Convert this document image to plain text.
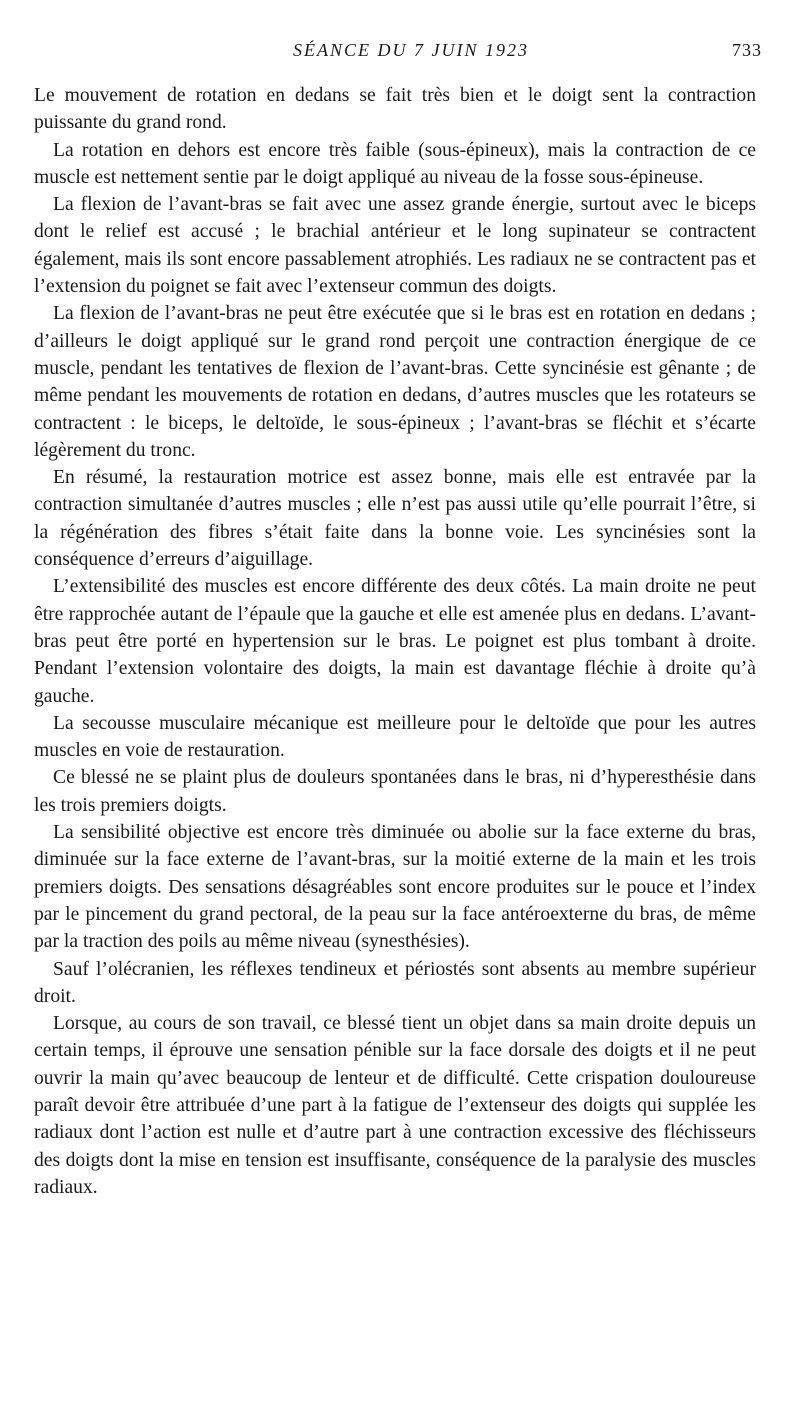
SÉANCE DU 7 JUIN 1923	733

Le mouvement de rotation en dedans se fait très bien et le doigt sent la contraction puissante du grand rond.

La rotation en dehors est encore très faible (sous-épineux), mais la contraction de ce muscle est nettement sentie par le doigt appliqué au niveau de la fosse sous-épineuse.

La flexion de l’avant-bras se fait avec une assez grande énergie, surtout avec le biceps dont le relief est accusé ; le brachial antérieur et le long supinateur se contractent également, mais ils sont encore passablement atrophiés. Les radiaux ne se contractent pas et l’extension du poignet se fait avec l’extenseur commun des doigts.

La flexion de l’avant-bras ne peut être exécutée que si le bras est en rotation en dedans ; d’ailleurs le doigt appliqué sur le grand rond perçoit une contraction énergique de ce muscle, pendant les tentatives de flexion de l’avant-bras. Cette syncinésie est gênante ; de même pendant les mouvements de rotation en dedans, d’autres muscles que les rotateurs se contractent : le biceps, le deltoïde, le sous-épineux ; l’avant-bras se fléchit et s’écarte légèrement du tronc.

En résumé, la restauration motrice est assez bonne, mais elle est entravée par la contraction simultanée d’autres muscles ; elle n’est pas aussi utile qu’elle pourrait l’être, si la régénération des fibres s’était faite dans la bonne voie. Les syncinésies sont la conséquence d’erreurs d’aiguillage.

L’extensibilité des muscles est encore différente des deux côtés. La main droite ne peut être rapprochée autant de l’épaule que la gauche et elle est amenée plus en dedans. L’avant-bras peut être porté en hypertension sur le bras. Le poignet est plus tombant à droite. Pendant l’extension volontaire des doigts, la main est davantage fléchie à droite qu’à gauche.

La secousse musculaire mécanique est meilleure pour le deltoïde que pour les autres muscles en voie de restauration.

Ce blessé ne se plaint plus de douleurs spontanées dans le bras, ni d’hyperesthésie dans les trois premiers doigts.

La sensibilité objective est encore très diminuée ou abolie sur la face externe du bras, diminuée sur la face externe de l’avant-bras, sur la moitié externe de la main et les trois premiers doigts. Des sensations désagréables sont encore produites sur le pouce et l’index par le pincement du grand pectoral, de la peau sur la face antéroexterne du bras, de même par la traction des poils au même niveau (synesthésies).

Sauf l’olécranien, les réflexes tendineux et périostés sont absents au membre supérieur droit.

Lorsque, au cours de son travail, ce blessé tient un objet dans sa main droite depuis un certain temps, il éprouve une sensation pénible sur la face dorsale des doigts et il ne peut ouvrir la main qu’avec beaucoup de lenteur et de difficulté. Cette crispation douloureuse paraît devoir être attribuée d’une part à la fatigue de l’extenseur des doigts qui supplée les radiaux dont l’action est nulle et d’autre part à une contraction excessive des fléchisseurs des doigts dont la mise en tension est insuffisante, conséquence de la paralysie des muscles radiaux.
